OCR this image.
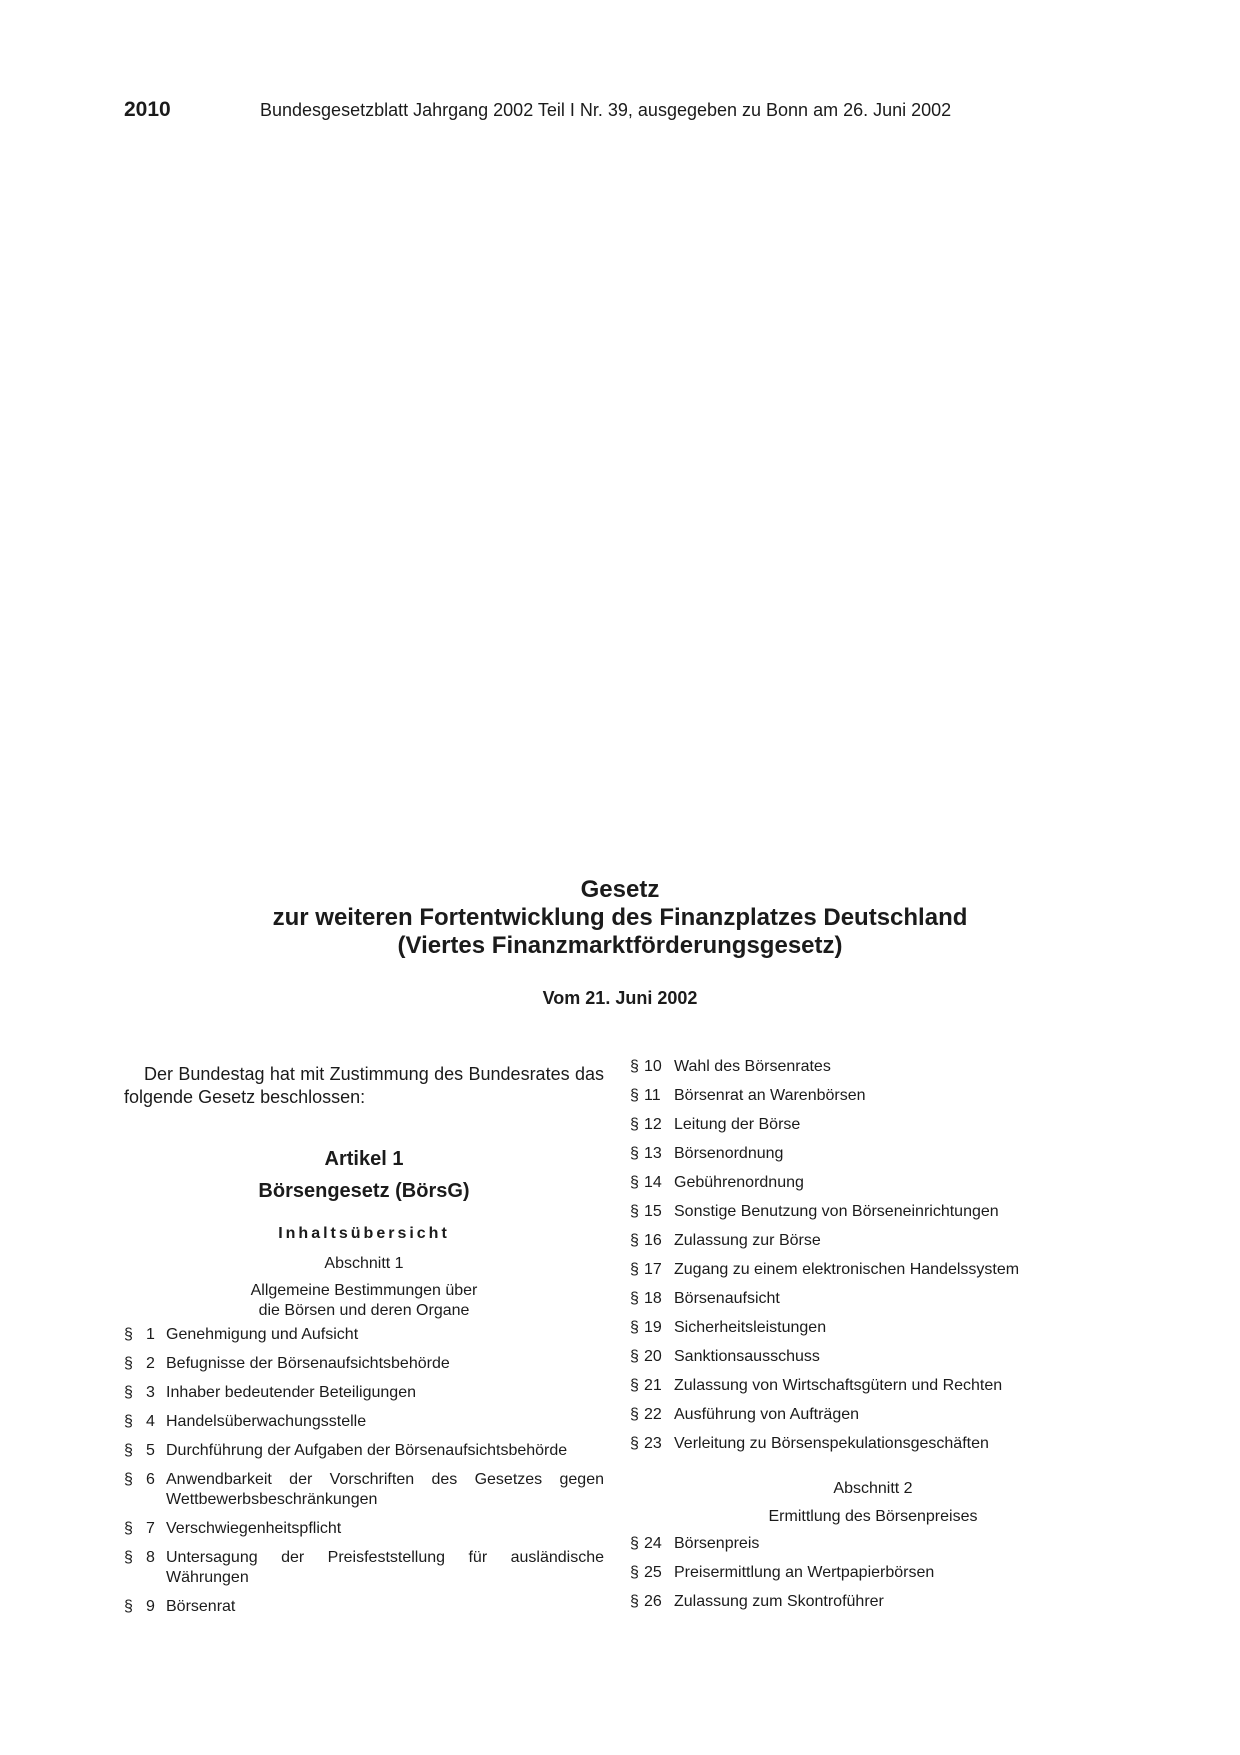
2010	Bundesgesetzblatt Jahrgang 2002 Teil I Nr. 39, ausgegeben zu Bonn am 26. Juni 2002
Gesetz
zur weiteren Fortentwicklung des Finanzplatzes Deutschland
(Viertes Finanzmarktförderungsgesetz)
Vom 21. Juni 2002

Der Bundestag hat mit Zustimmung des Bundesrates das folgende Gesetz beschlossen:

Artikel 1
Börsengesetz (BörsG)
Inhaltsübersicht
Abschnitt 1
Allgemeine Bestimmungen über
die Börsen und deren Organe
§ 1 Genehmigung und Aufsicht
§ 2 Befugnisse der Börsenaufsichtsbehörde
§ 3 Inhaber bedeutender Beteiligungen
§ 4 Handelsüberwachungsstelle
§ 5 Durchführung der Aufgaben der Börsenaufsichtsbehörde
§ 6 Anwendbarkeit der Vorschriften des Gesetzes gegen Wettbewerbsbeschränkungen
§ 7 Verschwiegenheitspflicht
§ 8 Untersagung der Preisfeststellung für ausländische Währungen
§ 9 Börsenrat
§ 10 Wahl des Börsenrates
§ 11 Börsenrat an Warenbörsen
§ 12 Leitung der Börse
§ 13 Börsenordnung
§ 14 Gebührenordnung
§ 15 Sonstige Benutzung von Börseneinrichtungen
§ 16 Zulassung zur Börse
§ 17 Zugang zu einem elektronischen Handelssystem
§ 18 Börsenaufsicht
§ 19 Sicherheitsleistungen
§ 20 Sanktionsausschuss
§ 21 Zulassung von Wirtschaftsgütern und Rechten
§ 22 Ausführung von Aufträgen
§ 23 Verleitung zu Börsenspekulationsgeschäften
Abschnitt 2
Ermittlung des Börsenpreises
§ 24 Börsenpreis
§ 25 Preisermittlung an Wertpapierbörsen
§ 26 Zulassung zum Skontroführer
